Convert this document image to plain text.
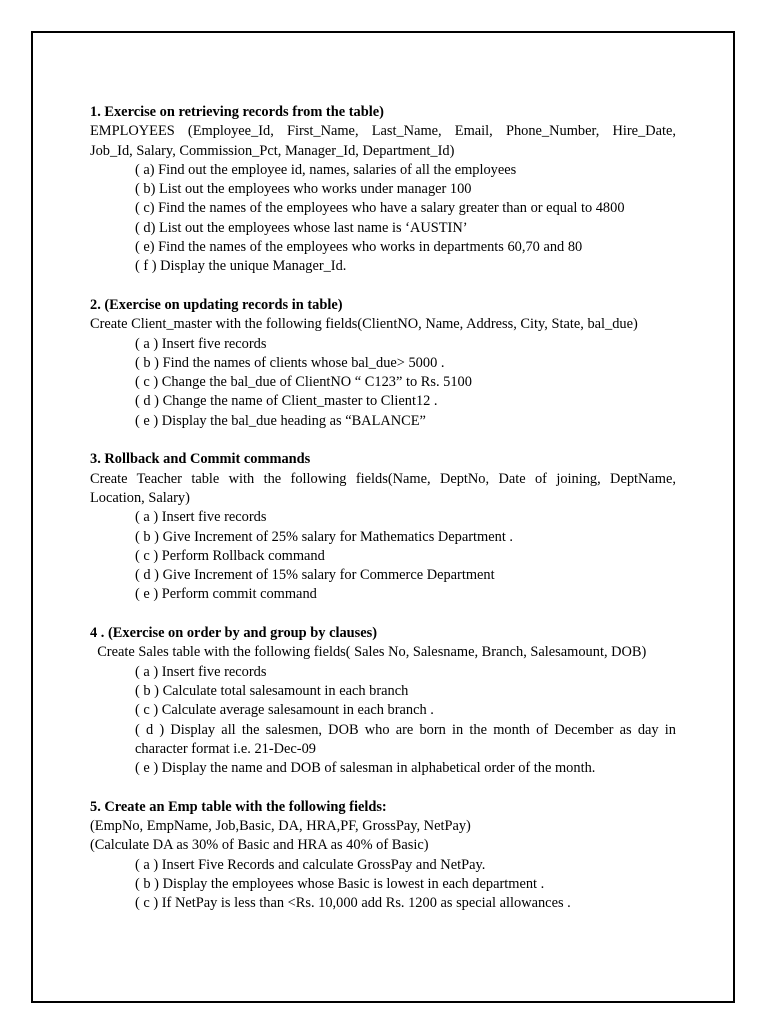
1. Exercise on retrieving records from the table)
EMPLOYEES (Employee_Id, First_Name, Last_Name, Email, Phone_Number, Hire_Date,
Job_Id, Salary, Commission_Pct, Manager_Id, Department_Id)
( a) Find out the employee id, names, salaries of all the employees
( b) List out the employees who works under manager 100
( c) Find the names of the employees who have a salary greater than or equal to 4800
( d) List out the employees whose last name is ‘AUSTIN’
( e) Find the names of the employees who works in departments 60,70 and 80
( f ) Display the unique Manager_Id.
2. (Exercise on updating records in table)
Create Client_master with the following fields(ClientNO, Name, Address, City, State, bal_due)
( a ) Insert five records
( b ) Find the names of clients whose bal_due> 5000 .
( c ) Change the bal_due of ClientNO “ C123” to Rs. 5100
( d ) Change the name of Client_master to Client12 .
( e ) Display the bal_due heading as “BALANCE”
3. Rollback and Commit commands
Create Teacher table with the following fields(Name, DeptNo, Date of joining, DeptName,
Location, Salary)
( a ) Insert five records
( b ) Give Increment of 25% salary for Mathematics Department .
( c ) Perform Rollback command
( d ) Give Increment of 15% salary for Commerce Department
( e ) Perform commit command
4 . (Exercise on order by and group by clauses)
Create Sales table with the following fields( Sales No, Salesname, Branch, Salesamount, DOB)
( a ) Insert five records
( b ) Calculate total salesamount in each branch
( c ) Calculate average salesamount in each branch .
( d ) Display all the salesmen, DOB who are born in the month of December as day in
character format i.e. 21-Dec-09
( e ) Display the name and DOB of salesman in alphabetical order of the month.
5. Create an Emp table with the following fields:
(EmpNo, EmpName, Job,Basic, DA, HRA,PF, GrossPay, NetPay)
(Calculate DA as 30% of Basic and HRA as 40% of Basic)
( a ) Insert Five Records and calculate GrossPay and NetPay.
( b ) Display the employees whose Basic is lowest in each department .
( c ) If NetPay is less than <Rs. 10,000 add Rs. 1200 as special allowances .
